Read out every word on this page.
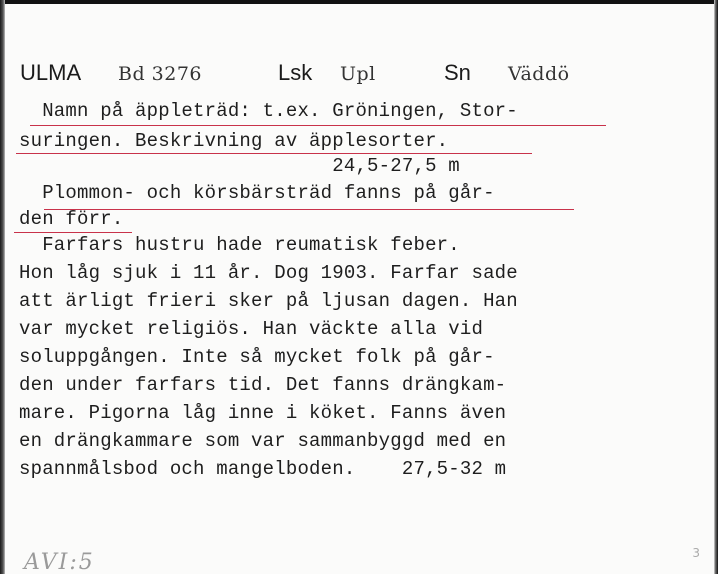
ULMA Bd 3276	Lsk Upl	Sn Väddö
Namn på äppleträd: t.ex. Gröningen, Stor-
suringen. Beskrivning av äpplesorter.
24,5-27,5 m
Plommon- och körsbärsträd fanns på går-
den förr.
Farfars hustru hade reumatisk feber.
Hon låg sjuk i 11 år. Dog 1903. Farfar sade
att ärligt frieri sker på ljusan dagen. Han
var mycket religiös. Han väckte alla vid
soluppgången. Inte så mycket folk på går-
den under farfars tid. Det fanns drängkam-
mare. Pigorna låg inne i köket. Fanns även
en drängkammare som var sammanbyggd med en
spannmålsbod och mangelboden.    27,5-32 m
AVI:5	3
